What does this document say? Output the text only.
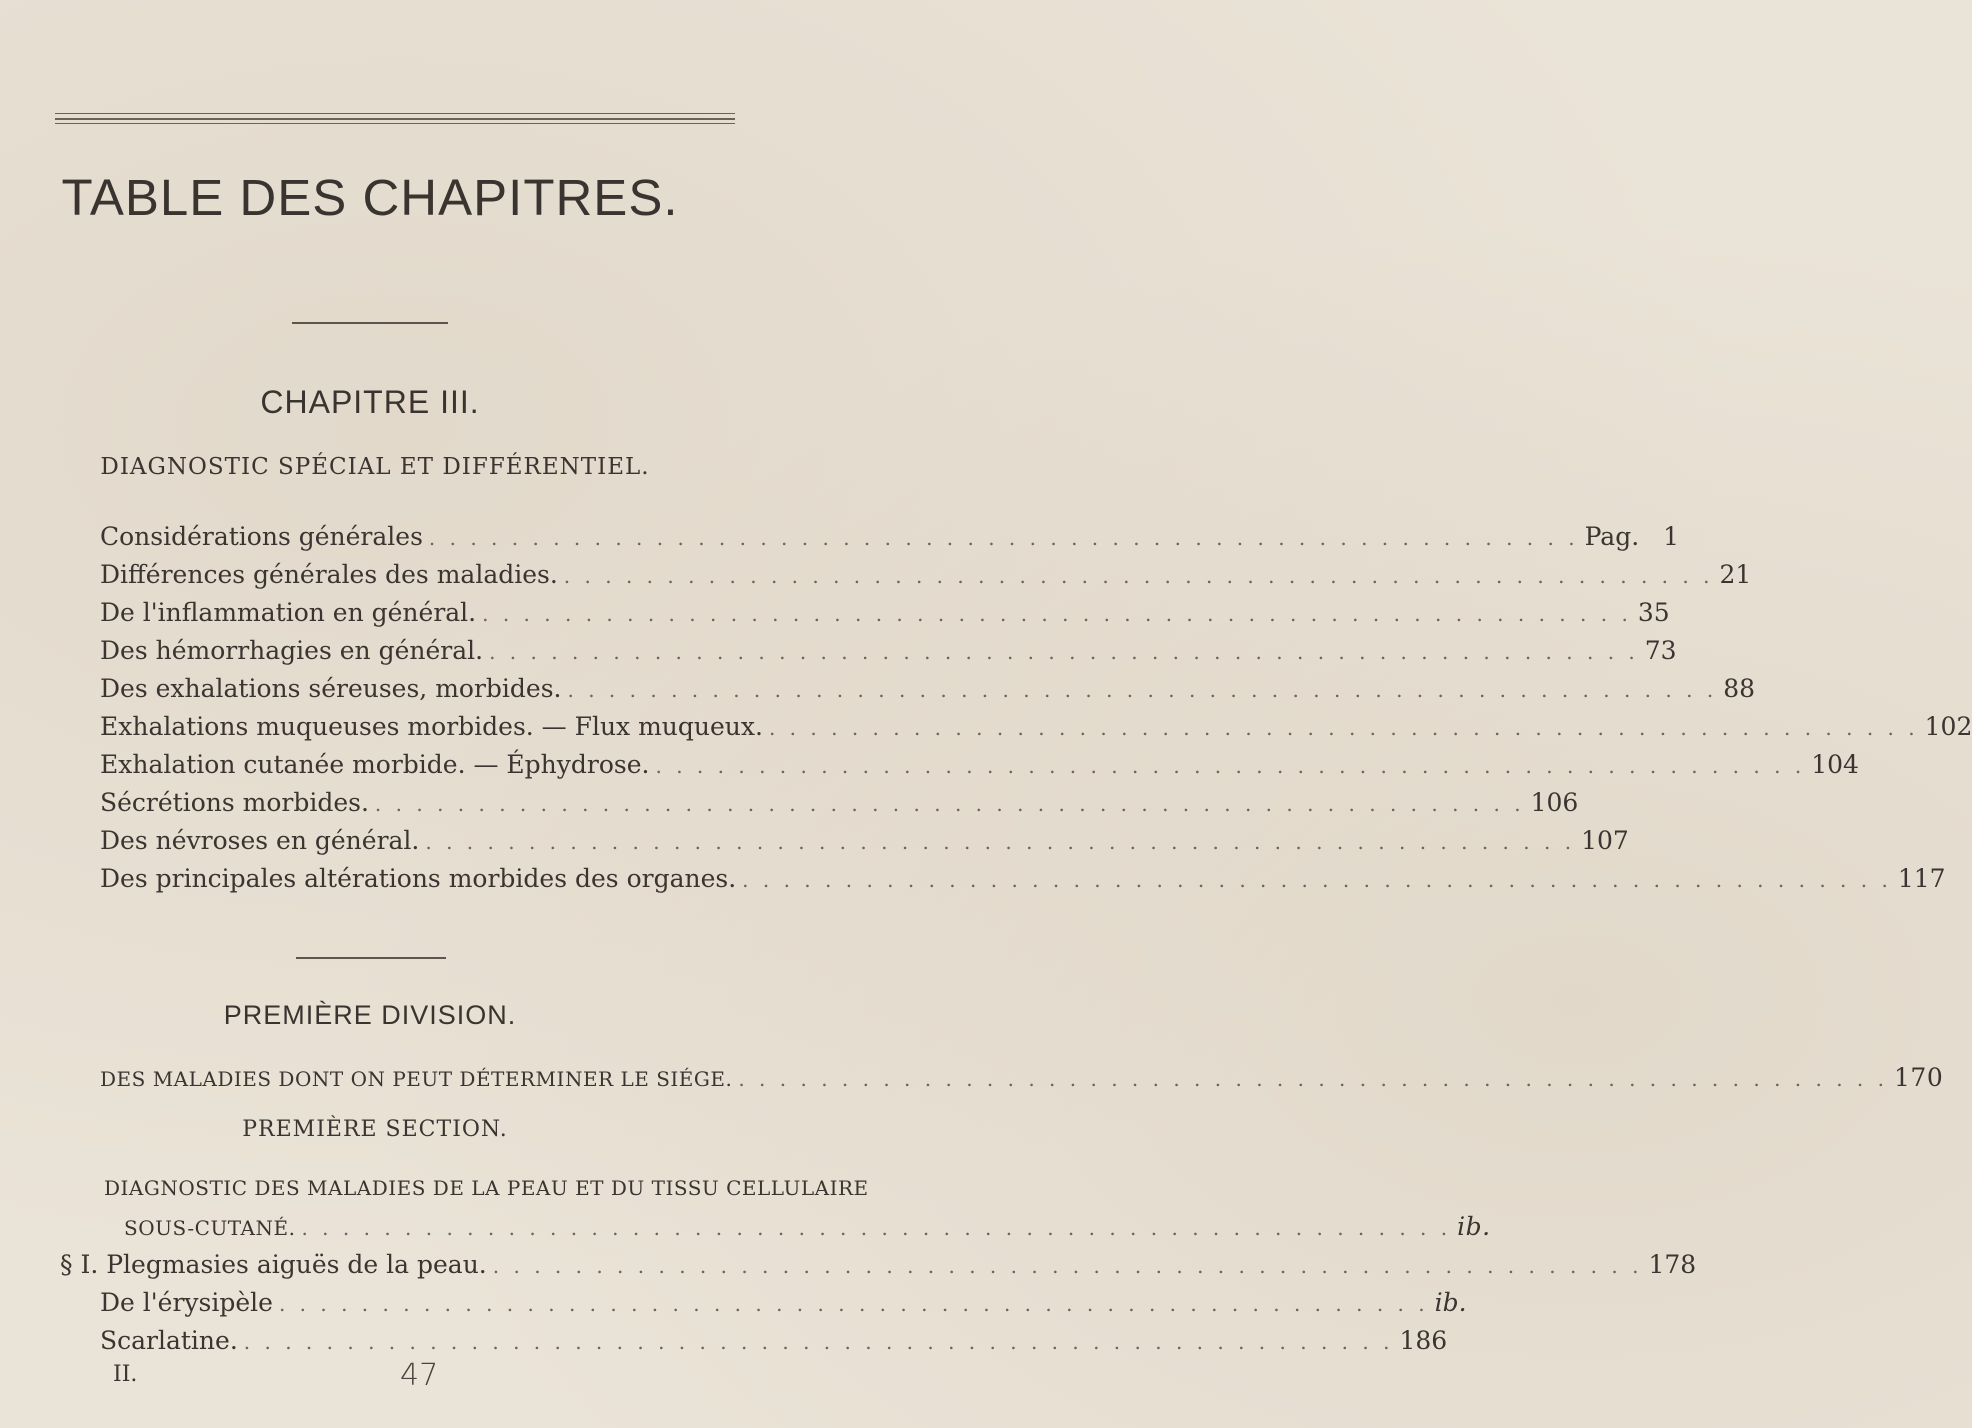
TABLE DES CHAPITRES.
CHAPITRE III.
DIAGNOSTIC SPÉCIAL ET DIFFÉRENTIEL.
Considérations générales . . .	Pag. 1
Différences générales des maladies. . . .	21
De l'inflammation en général. . . .	35
Des hémorrhagies en général. . . .	73
Des exhalations séreuses, morbides. . . .	88
Exhalations muqueuses morbides. — Flux muqueux. . . .	102
Exhalation cutanée morbide. — Éphydrose. . . .	104
Sécrétions morbides. . . .	106
Des névroses en général. . . .	107
Des principales altérations morbides des organes. . . .	117
PREMIÈRE DIVISION.
DES MALADIES DONT ON PEUT DÉTERMINER LE SIÉGE. . . .	170
PREMIÈRE SECTION.
DIAGNOSTIC DES MALADIES DE LA PEAU ET DU TISSU CELLULAIRE
SOUS-CUTANÉ. . . .	ib.
§ I. Plegmasies aiguës de la peau. . . .	178
De l'érysipèle . . .	ib.
Scarlatine. . . .	186
II.	47
